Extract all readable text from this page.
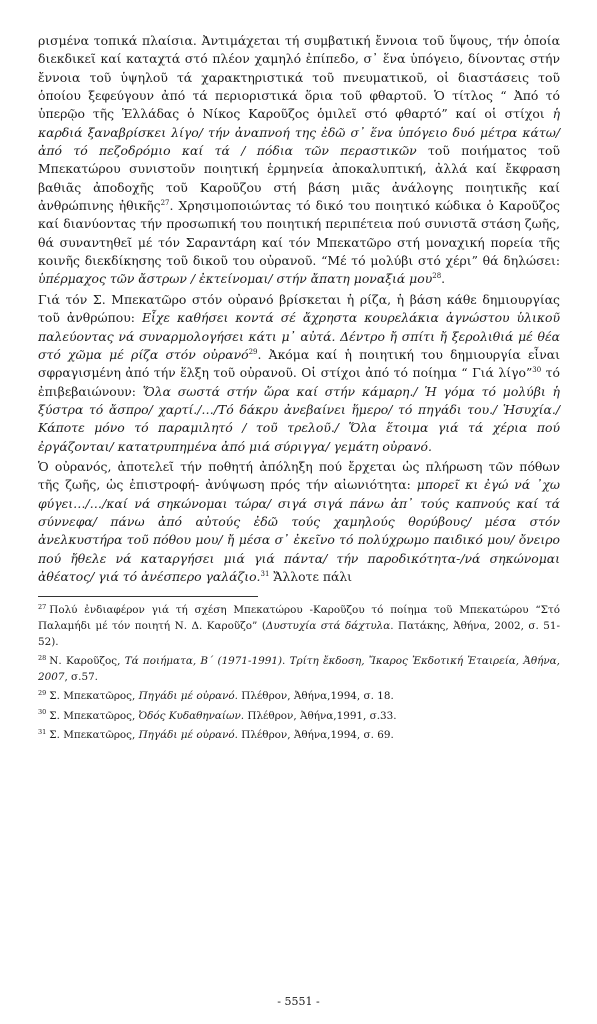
ρισμένα τοπικά πλαίσια. Ἀντιμάχεται τή συμβατική ἔννοια τοῦ ὕψους, τήν ὁποία διεκδικεῖ καί καταχτά στό πλέον χαμηλό ἐπίπεδο, σ᾽ ἕνα ὑπόγειο, δίνοντας στήν ἔννοια τοῦ ὑψηλοῦ τά χαρακτηριστικά τοῦ πνευματικοῦ, οἱ διαστάσεις τοῦ ὁποίου ξεφεύγουν ἀπό τά περιοριστικά ὅρια τοῦ φθαρτοῦ. Ὁ τίτλος “ Ἀπό τό ὑπερῷο τῆς Ἑλλάδας ὁ Νίκος Καροῦζος ὁμιλεῖ στό φθαρτό” καί οἱ στίχοι ἡ καρδιά ξαναβρίσκει λίγο/ τήν ἀναπνοή της ἐδῶ σ᾽ ἕνα ὑπόγειο δυό μέτρα κάτω/ ἀπό τό πεζοδρόμιο καί τά / πόδια τῶν περαστικῶν τοῦ ποιήματος τοῦ Μπεκατώρου συνιστοῦν ποιητική ἑρμηνεία ἀποκαλυπτική, ἀλλά καί ἔκφραση βαθιᾶς ἀποδοχῆς τοῦ Καροῦζου στή βάση μιᾶς ἀνάλογης ποιητικῆς καί ἀνθρώπινης ἠθικῆς$^{27}$. Χρησιμοποιώντας τό δικό του ποιητικό κώδικα ὁ Καροῦζος καί διανύοντας τήν προσωπική του ποιητική περιπέτεια πού συνιστᾶ στάση ζωῆς, θά συναντηθεῖ μέ τόν Σαραντάρη καί τόν Μπεκατῶρο στή μοναχική πορεία τῆς κοινῆς διεκδίκησης τοῦ δικοῦ του οὐρανοῦ. “Μέ τό μολύβι στό χέρι” θά δηλώσει: ὑπέρμαχος τῶν ἄστρων / ἐκτείνομαι/ στήν ἄπατη μοναξιά μου$^{28}$.

Γιά τόν Σ. Μπεκατῶρο στόν οὐρανό βρίσκεται ἡ ρίζα, ἡ βάση κάθε δημιουργίας τοῦ ἀνθρώπου: Εἶχε καθήσει κοντά σέ ἄχρηστα κουρελάκια ἀγνώστου ὑλικοῦ παλεύοντας νά συναρμολογήσει κάτι μ᾽ αὐτά. Δέντρο ἤ σπίτι ἤ ξερολιθιά μέ θέα στό χῶμα μέ ρίζα στόν οὐρανό$^{29}$. Ἀκόμα καί ἡ ποιητική του δημιουργία εἶναι σφραγισμένη ἀπό τήν ἕλξη τοῦ οὐρανοῦ. Οἱ στίχοι ἀπό τό ποίημα “ Γιά λίγο”$^{30}$ τό ἐπιβεβαιώνουν: Ὅλα σωστά στήν ὥρα καί στήν κάμαρη./ Ἡ γόμα τό μολύβι ἡ ξύστρα τό ἄσπρο/ χαρτί./…/Τό δάκρυ ἀνεβαίνει ἥμερο/ τό πηγάδι του./ Ἡσυχία./Κάποτε μόνο τό παραμιλητό / τοῦ τρελοῦ./ Ὅλα ἕτοιμα γιά τά χέρια πού ἐργάζονται/ κατατρυπημένα ἀπό μιά σύριγγα/ γεμάτη οὐρανό.

Ὁ οὐρανός, ἀποτελεῖ τήν ποθητή ἀπόληξη πού ἔρχεται ὡς πλήρωση τῶν πόθων τῆς ζωῆς, ὡς ἐπιστροφή- ἀνύψωση πρός τήν αἰωνιότητα: μπορεῖ κι ἐγώ νά ᾽χω φύγει…/…/καί νά σηκώνομαι τώρα/ σιγά σιγά πάνω ἀπ᾽ τούς καπνούς καί τά σύννεφα/ πάνω ἀπό αὐτούς ἐδῶ τούς χαμηλούς θορύβους/ μέσα στόν ἀνελκυστήρα τοῦ πόθου μου/ ἤ μέσα σ᾽ ἐκεῖνο τό πολύχρωμο παιδικό μου/ ὄνειρο πού ἤθελε νά καταργήσει μιά γιά πάντα/ τήν παροδικότητα-/νά σηκώνομαι ἀθέατος/ γιά τό ἀνέσπερο γαλάζιο.$^{31}$ Ἄλλοτε πάλι

$^{27}$ Πολύ ἐνδιαφέρον γιά τή σχέση Μπεκατώρου -Καροῦζου τό ποίημα τοῦ Μπεκατώρου “Στό Παλαμήδι μέ τόν ποιητή Ν. Δ. Καροῦζο” (Δυστυχία στά δάχτυλα. Πατάκης, Ἀθήνα, 2002, σ. 51-52).
$^{28}$ Ν. Καροῦζος, Τά ποιήματα, Β΄ (1971-1991). Τρίτη ἔκδοση, Ἴκαρος Ἐκδοτική Ἑταιρεία, Ἀθήνα, 2007, σ.57.
$^{29}$ Σ. Μπεκατῶρος, Πηγάδι μέ οὐρανό. Πλέθρον, Ἀθήνα,1994, σ. 18.
$^{30}$ Σ. Μπεκατῶρος, Ὀδός Κυδαθηναίων. Πλέθρον, Ἀθήνα,1991, σ.33.
$^{31}$ Σ. Μπεκατῶρος, Πηγάδι μέ οὐρανό. Πλέθρον, Ἀθήνα,1994, σ. 69.
- 5551 -
